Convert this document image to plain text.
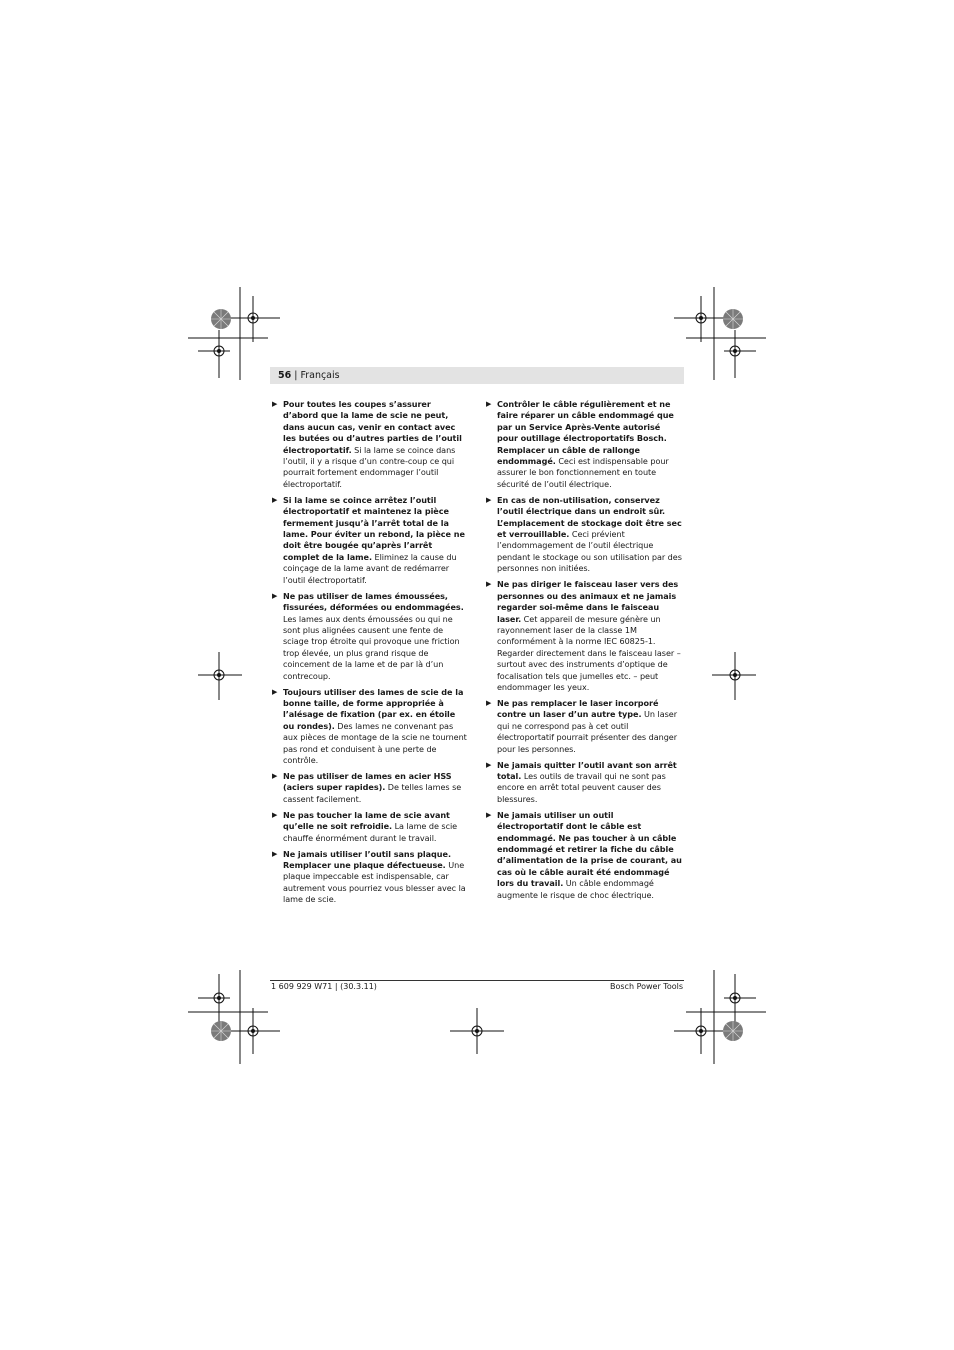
56 | Français
▶ Pour toutes les coupes s’assurer d’abord que la lame de scie ne peut, dans aucun cas, venir en contact avec les butées ou d’autres parties de l’outil électroportatif. Si la lame se coince dans l’outil, il y a risque d’un contre-coup ce qui pourrait fortement endommager l’outil électroportatif.
▶ Si la lame se coince arrêtez l’outil électroportatif et maintenez la pièce fermement jusqu’à l’arrêt total de la lame. Pour éviter un rebond, la pièce ne doit être bougée qu’après l’arrêt complet de la lame. Eliminez la cause du coinçage de la lame avant de redémarrer l’outil électroportatif.
▶ Ne pas utiliser de lames émoussées, fissurées, déformées ou endommagées. Les lames aux dents émoussées ou qui ne sont plus alignées causent une fente de sciage trop étroite qui provoque une friction trop élevée, un plus grand risque de coincement de la lame et de par là d’un contrecoup.
▶ Toujours utiliser des lames de scie de la bonne taille, de forme appropriée à l’alésage de fixation (par ex. en étoile ou rondes). Des lames ne convenant pas aux pièces de montage de la scie ne tournent pas rond et conduisent à une perte de contrôle.
▶ Ne pas utiliser de lames en acier HSS (aciers super rapides). De telles lames se cassent facilement.
▶ Ne pas toucher la lame de scie avant qu’elle ne soit refroidie. La lame de scie chauffe énormément durant le travail.
▶ Ne jamais utiliser l’outil sans plaque. Remplacer une plaque défectueuse. Une plaque impeccable est indispensable, car autrement vous pourriez vous blesser avec la lame de scie.
▶ Contrôler le câble régulièrement et ne faire réparer un câble endommagé que par un Service Après-Vente autorisé pour outillage électroportatifs Bosch. Remplacer un câble de rallonge endommagé. Ceci est indispensable pour assurer le bon fonctionnement en toute sécurité de l’outil électrique.
▶ En cas de non-utilisation, conservez l’outil électrique dans un endroit sûr. L’emplacement de stockage doit être sec et verrouillable. Ceci prévient l’endommagement de l’outil électrique pendant le stockage ou son utilisation par des personnes non initiées.
▶ Ne pas diriger le faisceau laser vers des personnes ou des animaux et ne jamais regarder soi-même dans le faisceau laser. Cet appareil de mesure génère un rayonnement laser de la classe 1M conformément à la norme IEC 60825-1. Regarder directement dans le faisceau laser – surtout avec des instruments d’optique de focalisation tels que jumelles etc. – peut endommager les yeux.
▶ Ne pas remplacer le laser incorporé contre un laser d’un autre type. Un laser qui ne correspond pas à cet outil électroportatif pourrait présenter des danger pour les personnes.
▶ Ne jamais quitter l’outil avant son arrêt total. Les outils de travail qui ne sont pas encore en arrêt total peuvent causer des blessures.
▶ Ne jamais utiliser un outil électroportatif dont le câble est endommagé. Ne pas toucher à un câble endommagé et retirer la fiche du câble d’alimentation de la prise de courant, au cas où le câble aurait été endommagé lors du travail. Un câble endommagé augmente le risque de choc électrique.
1 609 929 W71 | (30.3.11)	Bosch Power Tools
